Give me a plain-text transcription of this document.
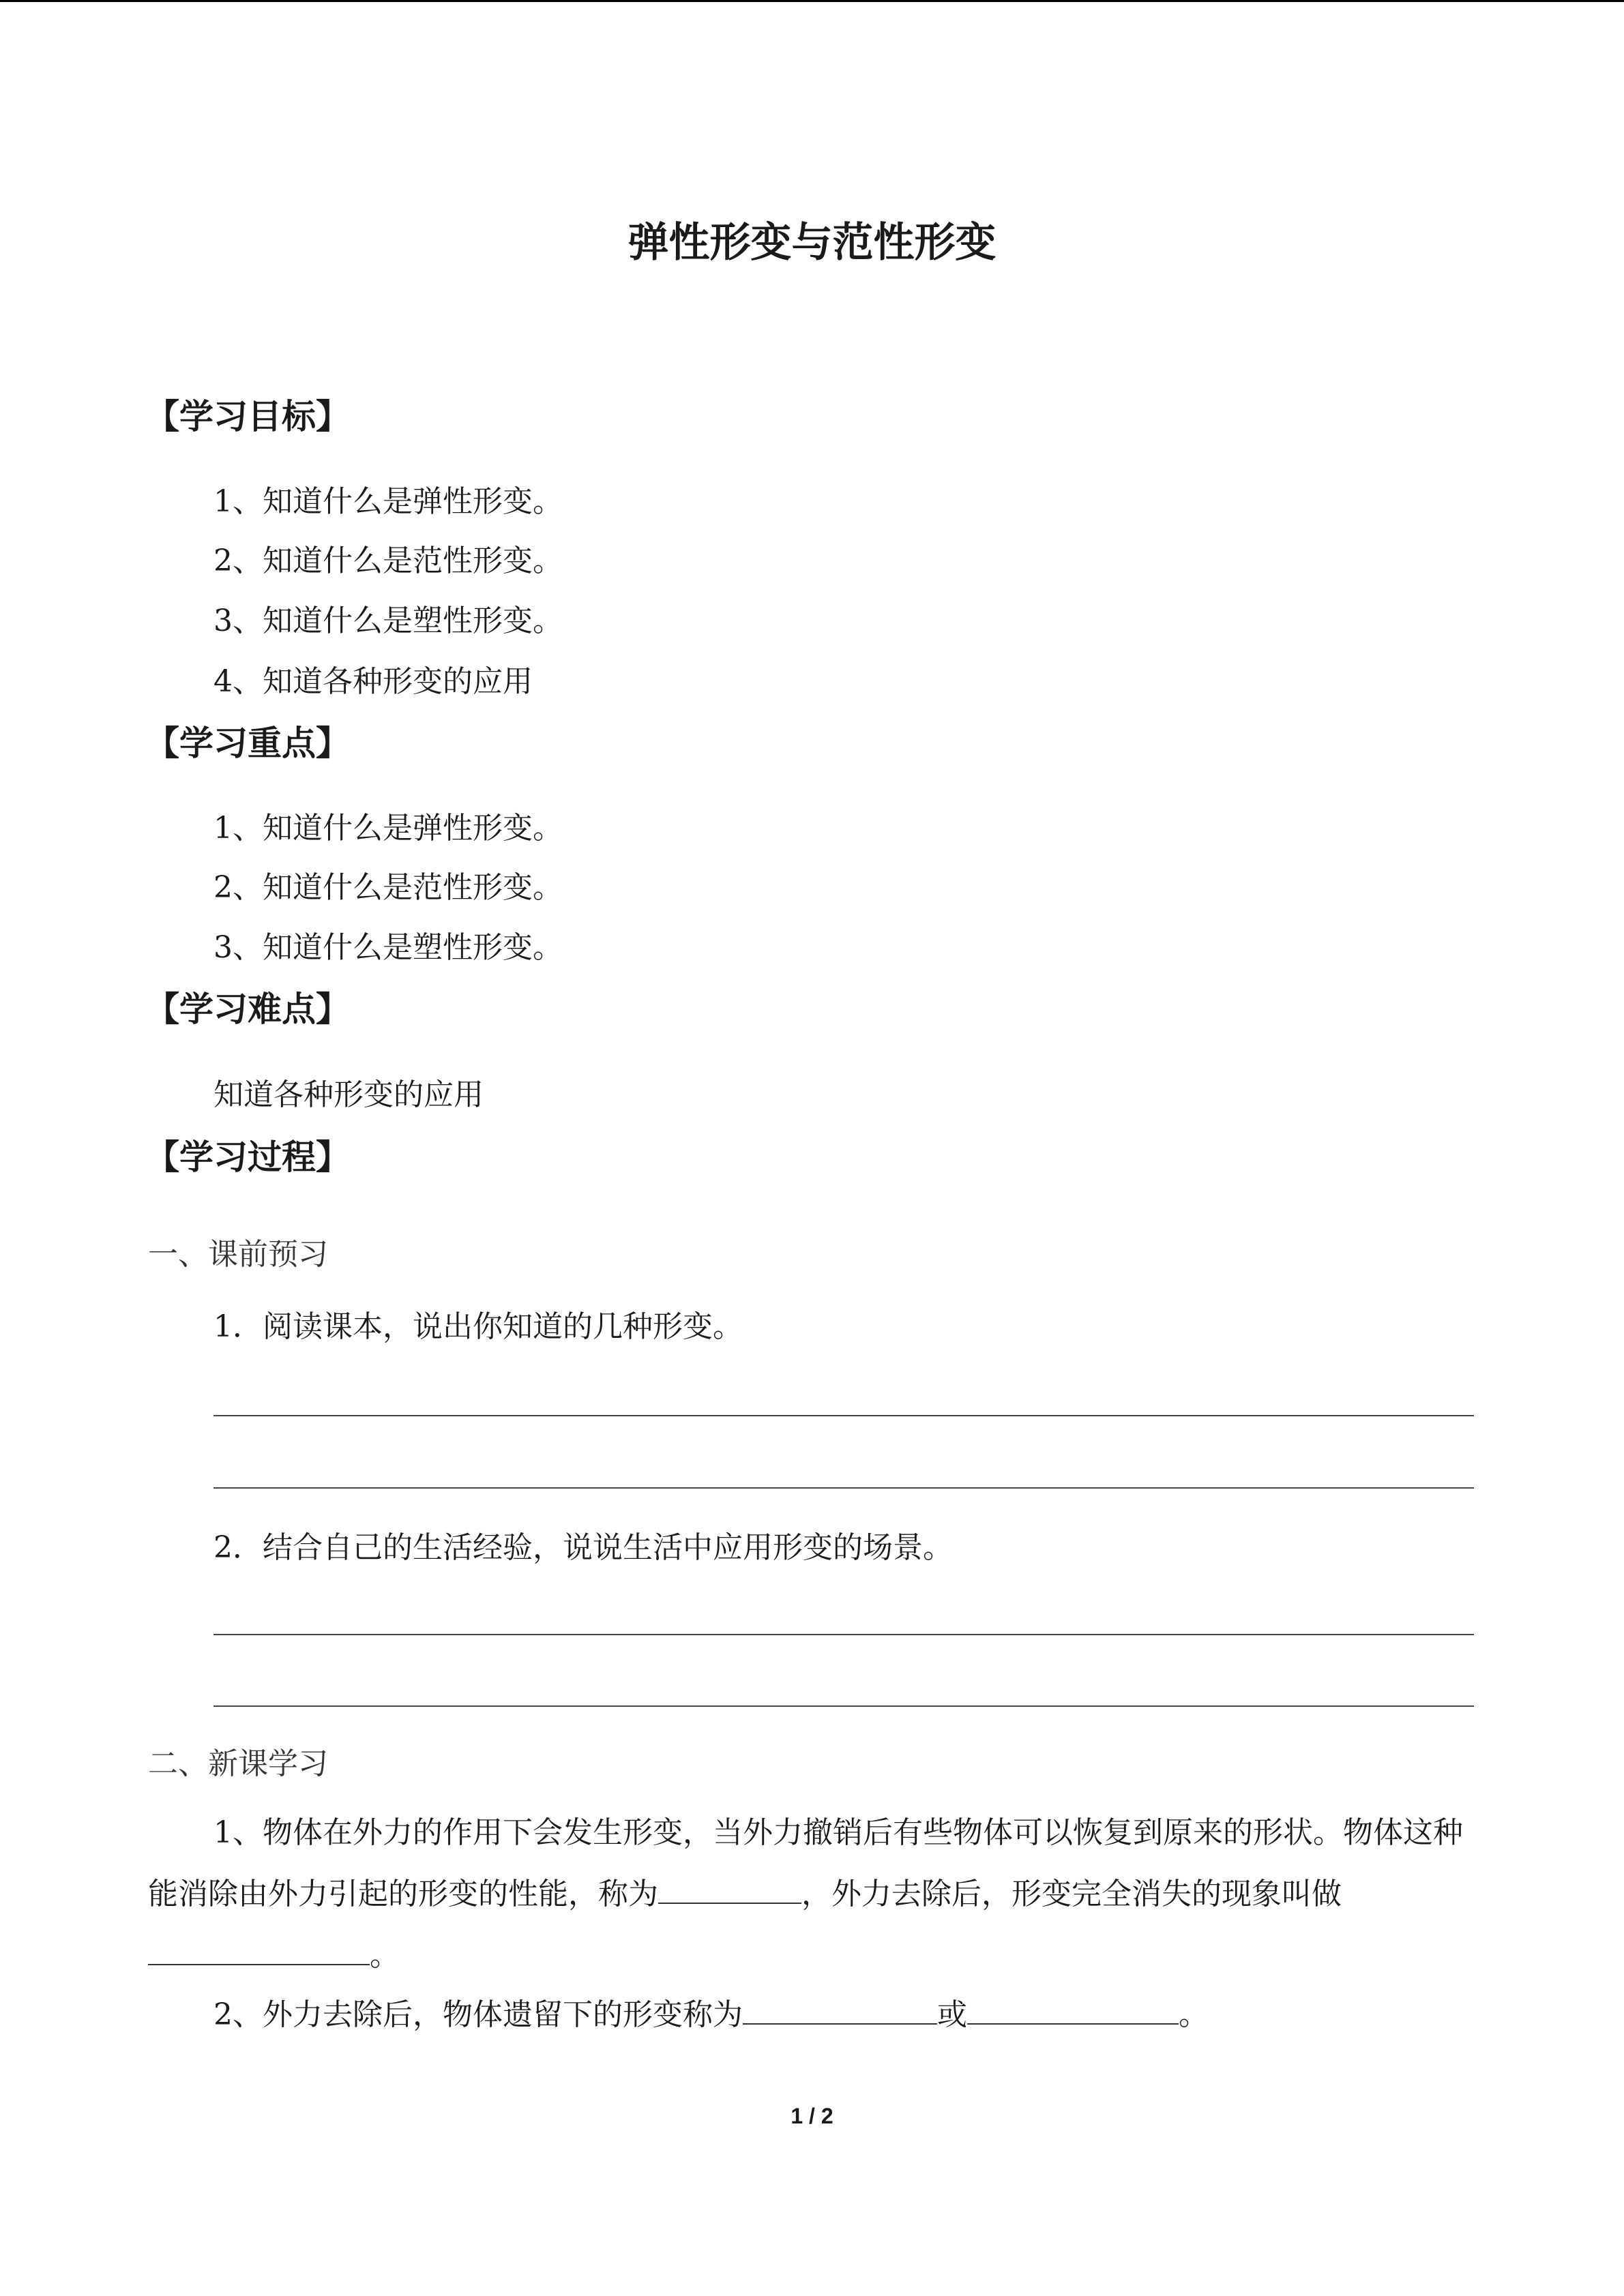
弹性形变与范性形变
【学习目标】
1、知道什么是弹性形变。
2、知道什么是范性形变。
3、知道什么是塑性形变。
4、知道各种形变的应用
【学习重点】
1、知道什么是弹性形变。
2、知道什么是范性形变。
3、知道什么是塑性形变。
【学习难点】
知道各种形变的应用
【学习过程】
一、课前预习
1．阅读课本，说出你知道的几种形变。
2．结合自己的生活经验，说说生活中应用形变的场景。
二、新课学习
1、物体在外力的作用下会发生形变，当外力撤销后有些物体可以恢复到原来的形状。物体这种能消除由外力引起的形变的性能，称为	，外力去除后，形变完全消失的现象叫做。
2、外力去除后，物体遗留下的形变称为	或	。
1 / 2
